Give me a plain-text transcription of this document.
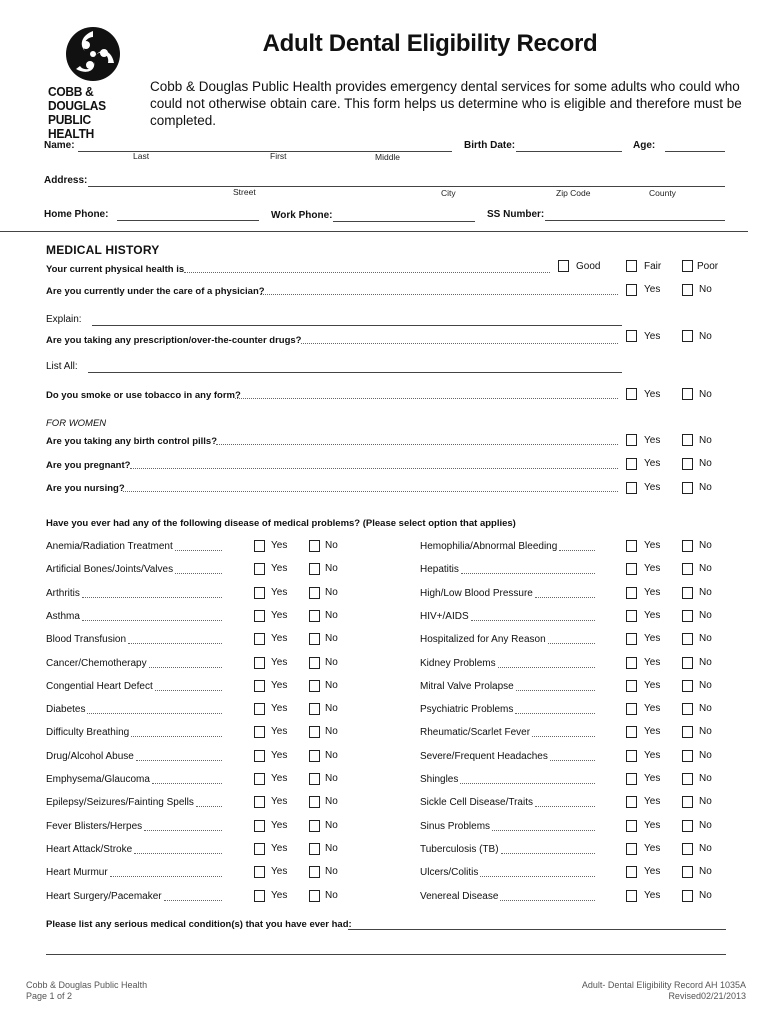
COBB & DOUGLAS
PUBLIC HEALTH
Adult Dental Eligibility Record
Cobb & Douglas Public Health provides emergency dental services for some adults who could who could not otherwise obtain care. This form helps us determine who is eligible and therefore must be completed.
Name:
Last	First	Middle
Birth Date:	Age:
Address:
Street	City	Zip Code	County
Home Phone:	Work Phone:	SS Number:
MEDICAL HISTORY
Your current physical health is	Good	Fair	Poor
Are you currently under the care of a physician?	Yes	No
Explain:
Are you taking any prescription/over-the-counter drugs?	Yes	No
List All:
Do you smoke or use tobacco in any form?	Yes	No
FOR WOMEN
Are you taking any birth control pills?	Yes	No
Are you pregnant?	Yes	No
Are you nursing?	Yes	No
Have you ever had any of the following disease of medical problems? (Please select option that applies)
Anemia/Radiation Treatment	Yes	No
Artificial Bones/Joints/Valves	Yes	No
Arthritis	Yes	No
Asthma	Yes	No
Blood Transfusion	Yes	No
Cancer/Chemotherapy	Yes	No
Congential Heart Defect	Yes	No
Diabetes	Yes	No
Difficulty Breathing	Yes	No
Drug/Alcohol Abuse	Yes	No
Emphysema/Glaucoma	Yes	No
Epilepsy/Seizures/Fainting Spells	Yes	No
Fever Blisters/Herpes	Yes	No
Heart Attack/Stroke	Yes	No
Heart Murmur	Yes	No
Heart Surgery/Pacemaker	Yes	No
Hemophilia/Abnormal Bleeding	Yes	No
Hepatitis	Yes	No
High/Low Blood Pressure	Yes	No
HIV+/AIDS	Yes	No
Hospitalized for Any Reason	Yes	No
Kidney Problems	Yes	No
Mitral Valve Prolapse	Yes	No
Psychiatric Problems	Yes	No
Rheumatic/Scarlet Fever	Yes	No
Severe/Frequent Headaches	Yes	No
Shingles	Yes	No
Sickle Cell Disease/Traits	Yes	No
Sinus Problems	Yes	No
Tuberculosis (TB)	Yes	No
Ulcers/Colitis	Yes	No
Venereal Disease	Yes	No
Please list any serious medical condition(s) that you have ever had:
Cobb & Douglas Public Health
Page 1 of 2
Adult- Dental Eligibility Record AH 1035A
Revised02/21/2013
